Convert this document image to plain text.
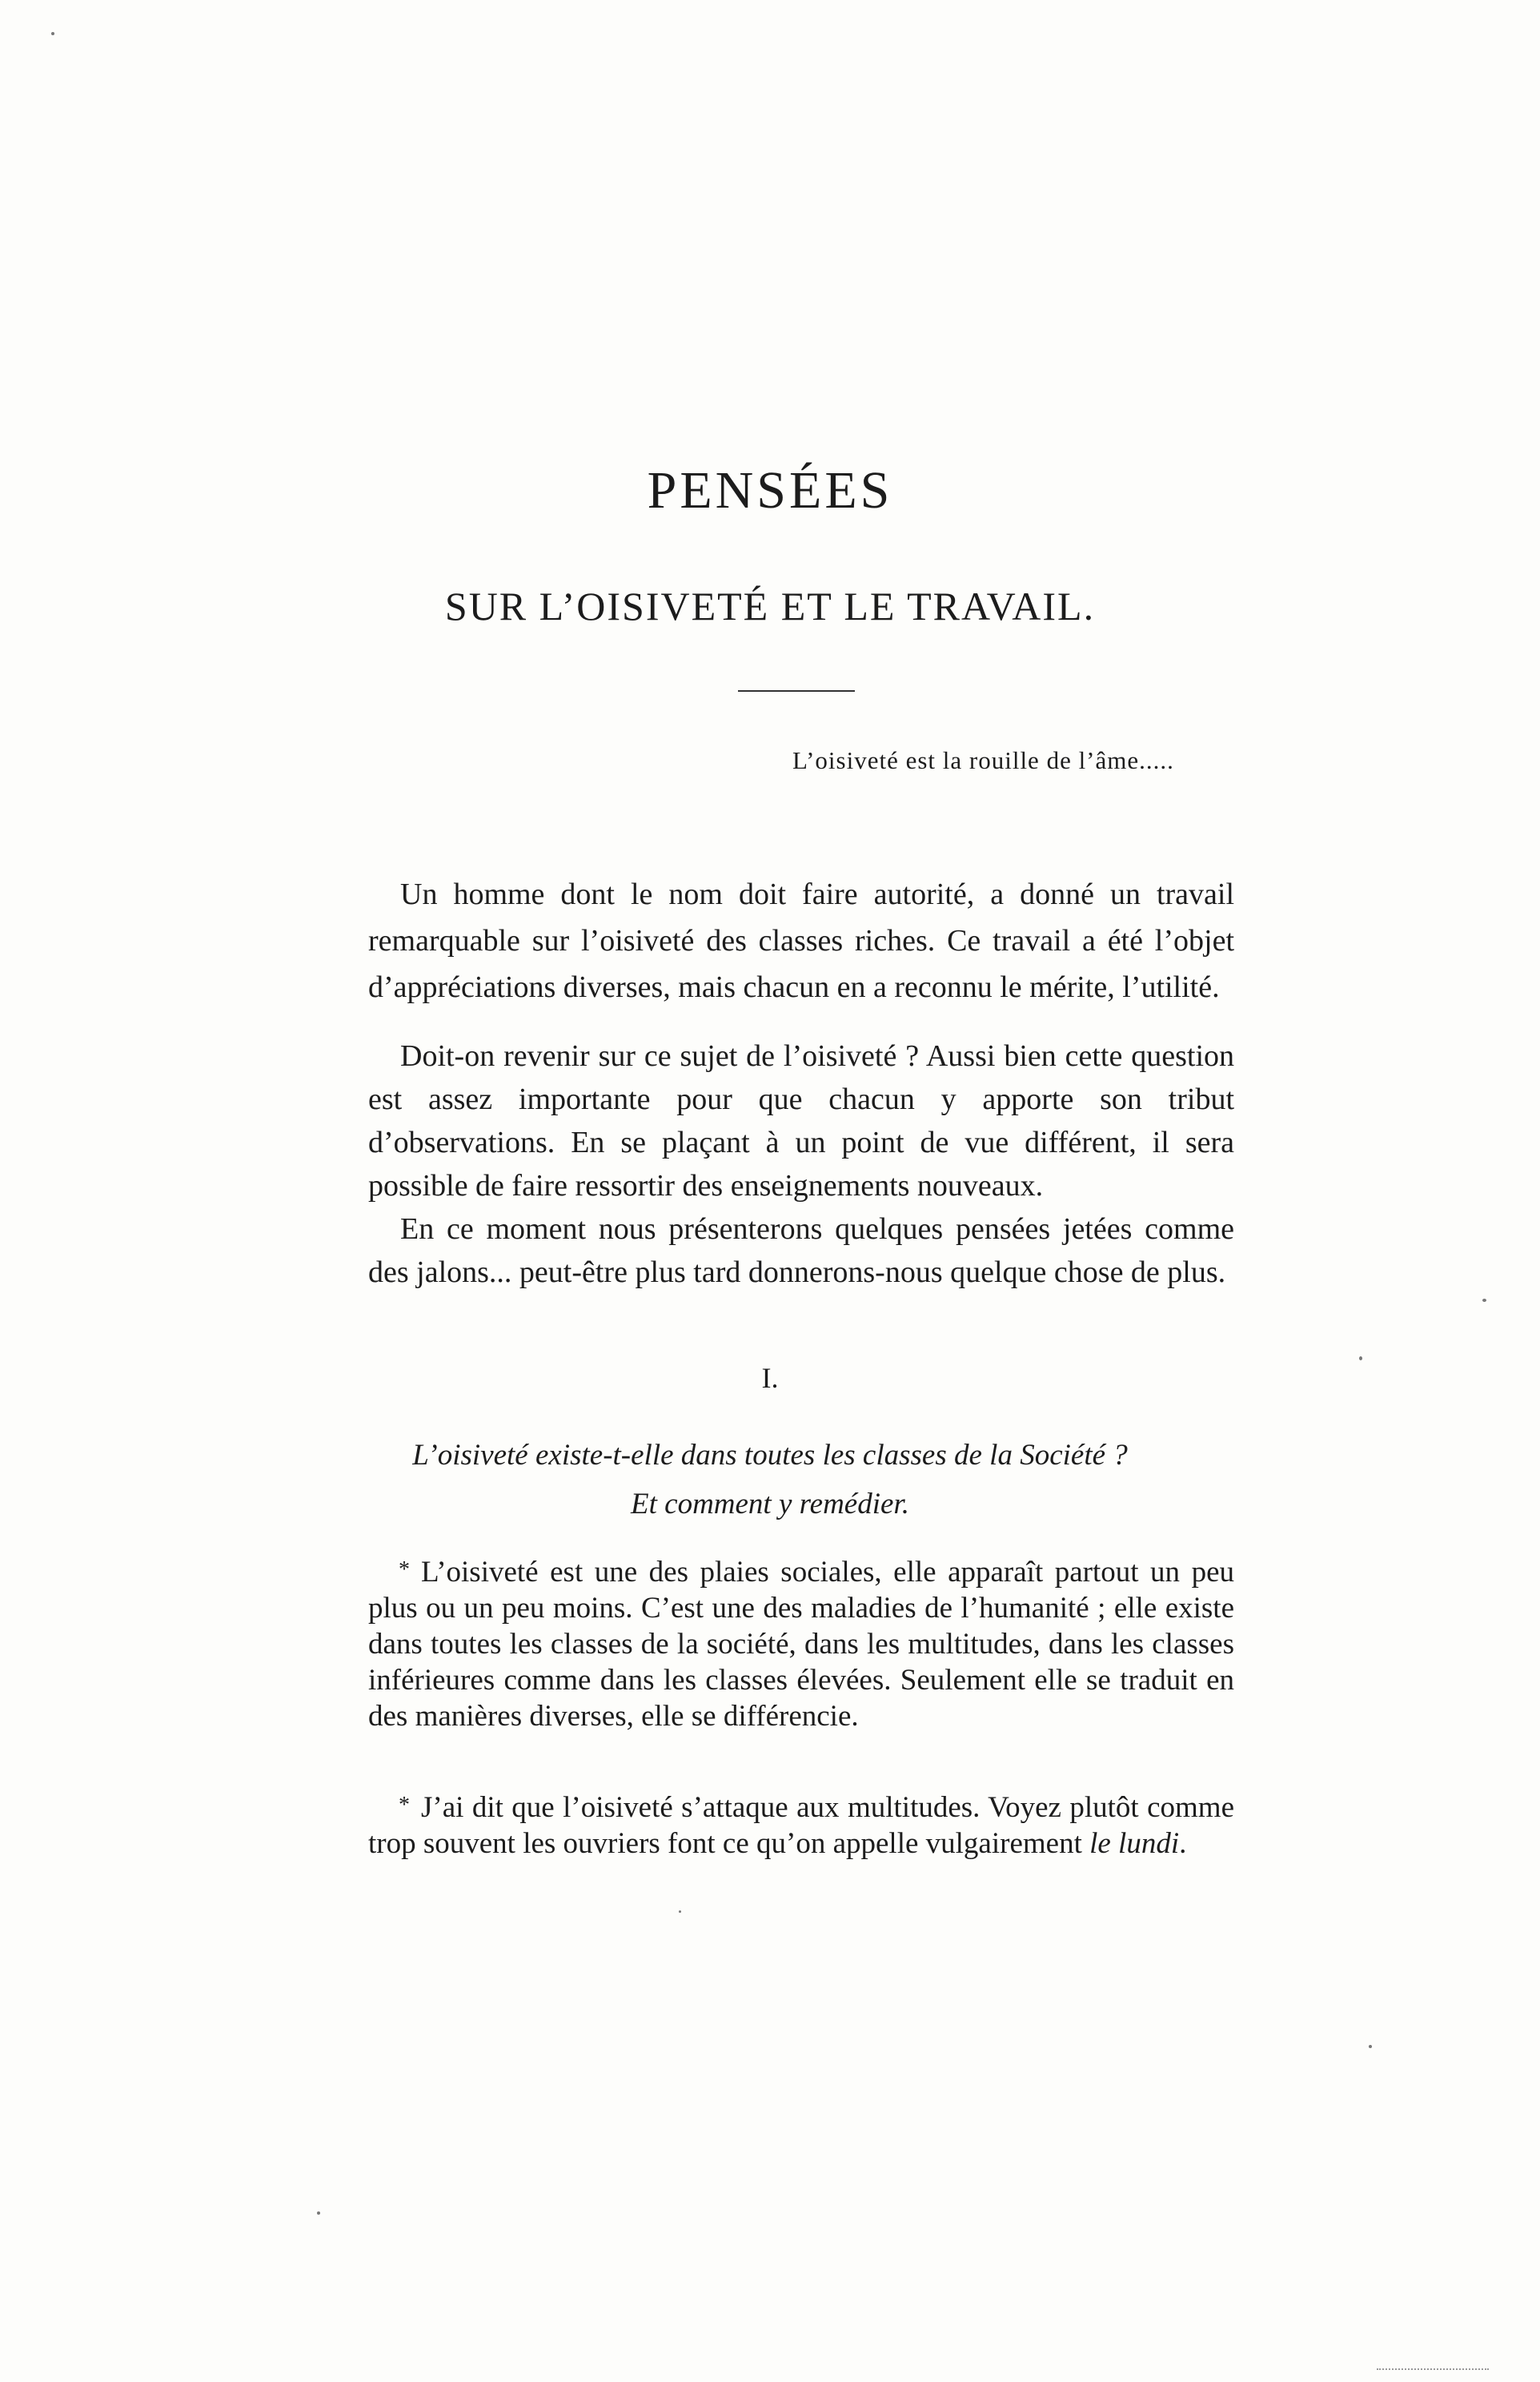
PENSÉES
SUR L’OISIVETÉ ET LE TRAVAIL.
L’oisiveté est la rouille de l’âme.....

Un homme dont le nom doit faire autorité, a donné un travail remarquable sur l’oisiveté des classes riches. Ce travail a été l’objet d’appréciations diverses, mais chacun en a reconnu le mérite, l’utilité.

Doit-on revenir sur ce sujet de l’oisiveté ? Aussi bien cette question est assez importante pour que chacun y apporte son tribut d’observations. En se plaçant à un point de vue différent, il sera possible de faire ressortir des enseignements nouveaux.

En ce moment nous présenterons quelques pensées jetées comme des jalons... peut-être plus tard donnerons-nous quelque chose de plus.

I.
L’oisiveté existe-t-elle dans toutes les classes de la Société ?
Et comment y remédier.

* L’oisiveté est une des plaies sociales, elle apparaît partout un peu plus ou un peu moins. C’est une des maladies de l’humanité ; elle existe dans toutes les classes de la société, dans les multitudes, dans les classes inférieures comme dans les classes élevées. Seulement elle se traduit en des manières diverses, elle se différencie.

* J’ai dit que l’oisiveté s’attaque aux multitudes. Voyez plutôt comme trop souvent les ouvriers font ce qu’on appelle vulgairement le lundi.
